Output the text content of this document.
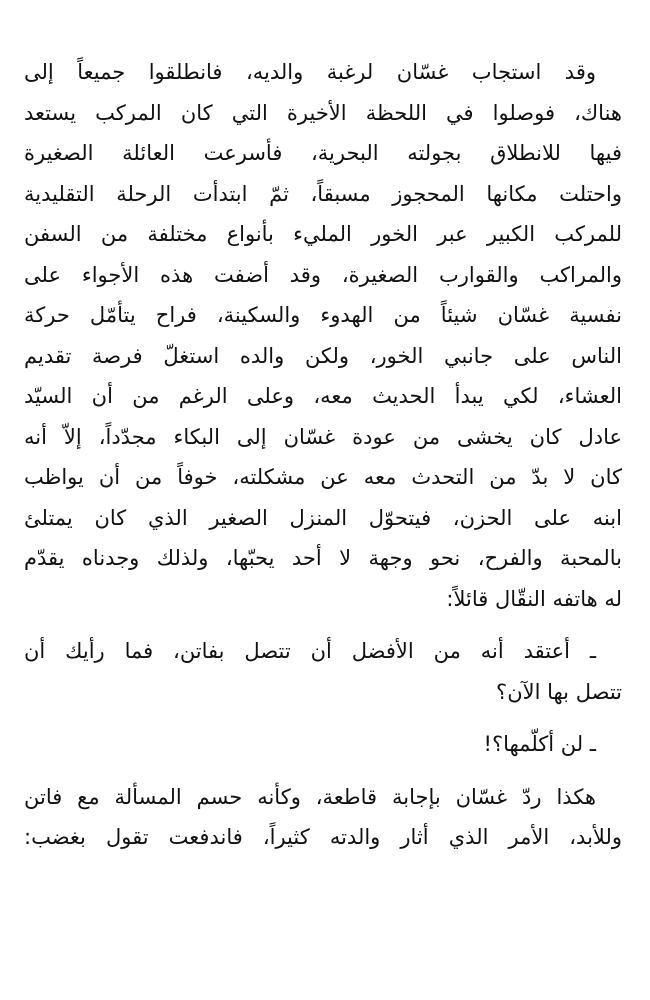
وقد استجاب غسّان لرغبة والديه، فانطلقوا جميعاً إلى
هناك، فوصلوا في اللحظة الأخيرة التي كان المركب يستعد
فيها للانطلاق بجولته البحرية، فأسرعت العائلة الصغيرة
واحتلت مكانها المحجوز مسبقاً، ثمّ ابتدأت الرحلة التقليدية
للمركب الكبير عبر الخور المليء بأنواع مختلفة من السفن
والمراكب والقوارب الصغيرة، وقد أضفت هذه الأجواء على
نفسية غسّان شيئاً من الهدوء والسكينة، فراح يتأمّل حركة
الناس على جانبي الخور، ولكن والده استغلّ فرصة تقديم
العشاء، لكي يبدأ الحديث معه، وعلى الرغم من أن السيّد
عادل كان يخشى من عودة غسّان إلى البكاء مجدّداً، إلاّ أنه
كان لا بدّ من التحدث معه عن مشكلته، خوفاً من أن يواظب
ابنه على الحزن، فيتحوّل المنزل الصغير الذي كان يمتلئ
بالمحبة والفرح، نحو وجهة لا أحد يحبّها، ولذلك وجدناه يقدّم
له هاتفه النقّال قائلاً:

ـ أعتقد أنه من الأفضل أن تتصل بفاتن، فما رأيك أن
تتصل بها الآن؟

ـ لن أكلّمها؟!

هكذا ردّ غسّان بإجابة قاطعة، وكأنه حسم المسألة مع فاتن
وللأبد، الأمر الذي أثار والدته كثيراً، فاندفعت تقول بغضب:
